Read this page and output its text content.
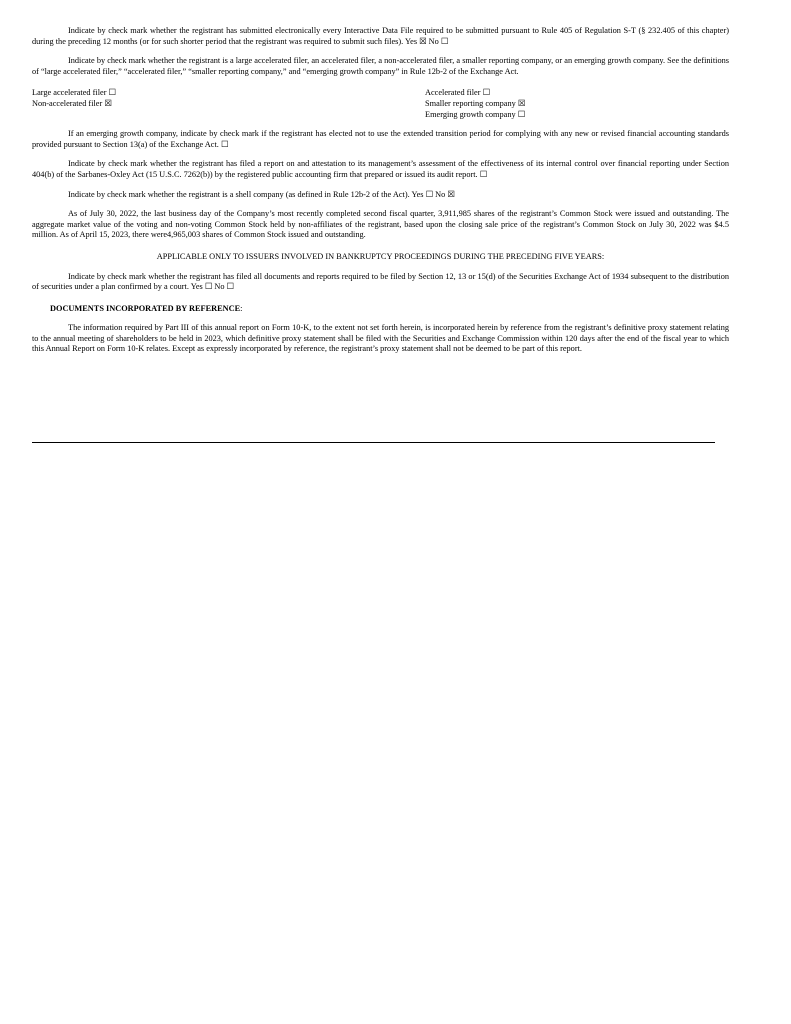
Indicate by check mark whether the registrant has submitted electronically every Interactive Data File required to be submitted pursuant to Rule 405 of Regulation S-T (§ 232.405 of this chapter) during the preceding 12 months (or for such shorter period that the registrant was required to submit such files). Yes ☒ No ☐

Indicate by check mark whether the registrant is a large accelerated filer, an accelerated filer, a non-accelerated filer, a smaller reporting company, or an emerging growth company. See the definitions of “large accelerated filer,” “accelerated filer,” “smaller reporting company,” and “emerging growth company” in Rule 12b-2 of the Exchange Act.

Large accelerated filer ☐
Non-accelerated filer ☒
Accelerated filer ☐
Smaller reporting company ☒
Emerging growth company ☐

If an emerging growth company, indicate by check mark if the registrant has elected not to use the extended transition period for complying with any new or revised financial accounting standards provided pursuant to Section 13(a) of the Exchange Act. ☐

Indicate by check mark whether the registrant has filed a report on and attestation to its management’s assessment of the effectiveness of its internal control over financial reporting under Section 404(b) of the Sarbanes-Oxley Act (15 U.S.C. 7262(b)) by the registered public accounting firm that prepared or issued its audit report. ☐

Indicate by check mark whether the registrant is a shell company (as defined in Rule 12b-2 of the Act). Yes ☐ No ☒

As of July 30, 2022, the last business day of the Company’s most recently completed second fiscal quarter, 3,911,985 shares of the registrant’s Common Stock were issued and outstanding. The aggregate market value of the voting and non-voting Common Stock held by non-affiliates of the registrant, based upon the closing sale price of the registrant’s Common Stock on July 30, 2022 was $4.5 million. As of April 15, 2023, there were4,965,003 shares of Common Stock issued and outstanding.

APPLICABLE ONLY TO ISSUERS INVOLVED IN BANKRUPTCY PROCEEDINGS DURING THE PRECEDING FIVE YEARS:

Indicate by check mark whether the registrant has filed all documents and reports required to be filed by Section 12, 13 or 15(d) of the Securities Exchange Act of 1934 subsequent to the distribution of securities under a plan confirmed by a court. Yes ☐ No ☐

DOCUMENTS INCORPORATED BY REFERENCE:

The information required by Part III of this annual report on Form 10-K, to the extent not set forth herein, is incorporated herein by reference from the registrant’s definitive proxy statement relating to the annual meeting of shareholders to be held in 2023, which definitive proxy statement shall be filed with the Securities and Exchange Commission within 120 days after the end of the fiscal year to which this Annual Report on Form 10-K relates. Except as expressly incorporated by reference, the registrant’s proxy statement shall not be deemed to be part of this report.
